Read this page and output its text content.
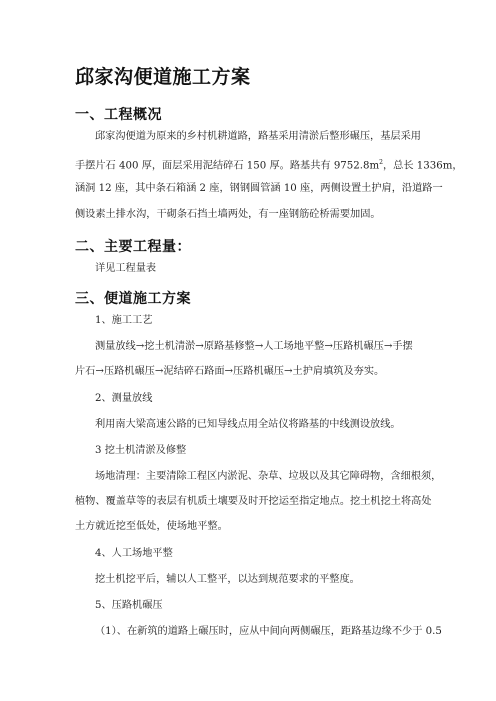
邱家沟便道施工方案
一、工程概况
邱家沟便道为原来的乡村机耕道路，路基采用清淤后整形碾压，基层采用
手摆片石 400 厚，面层采用泥结碎石 150 厚。路基共有 $9752.8m^2$，总长 1336m，
涵洞 12 座，其中条石箱涵 2 座，钢钢圆管涵 10 座，两侧设置土护肩，沿道路一
侧设素土排水沟，干砌条石挡土墙两处，有一座钢筋砼桥需要加固。
二、主要工程量：
详见工程量表
三、便道施工方案
1、施工工艺
测量放线→挖土机清淤→原路基修整→人工场地平整→压路机碾压→手摆
片石→压路机碾压→泥结碎石路面→压路机碾压→土护肩填筑及夯实。
2、测量放线
利用南大梁高速公路的已知导线点用全站仪将路基的中线测设放线。
3 挖土机清淤及修整
场地清理：主要清除工程区内淤泥、杂草、垃圾以及其它障碍物，含细根须，
植物、覆盖草等的表层有机质土壤要及时开挖运至指定地点。挖土机挖土将高处
土方就近挖至低处，使场地平整。
4、人工场地平整
挖土机挖平后，辅以人工整平，以达到规范要求的平整度。
5、压路机碾压
（1）、在新筑的道路上碾压时，应从中间向两侧碾压，距路基边缘不少于 0.5
